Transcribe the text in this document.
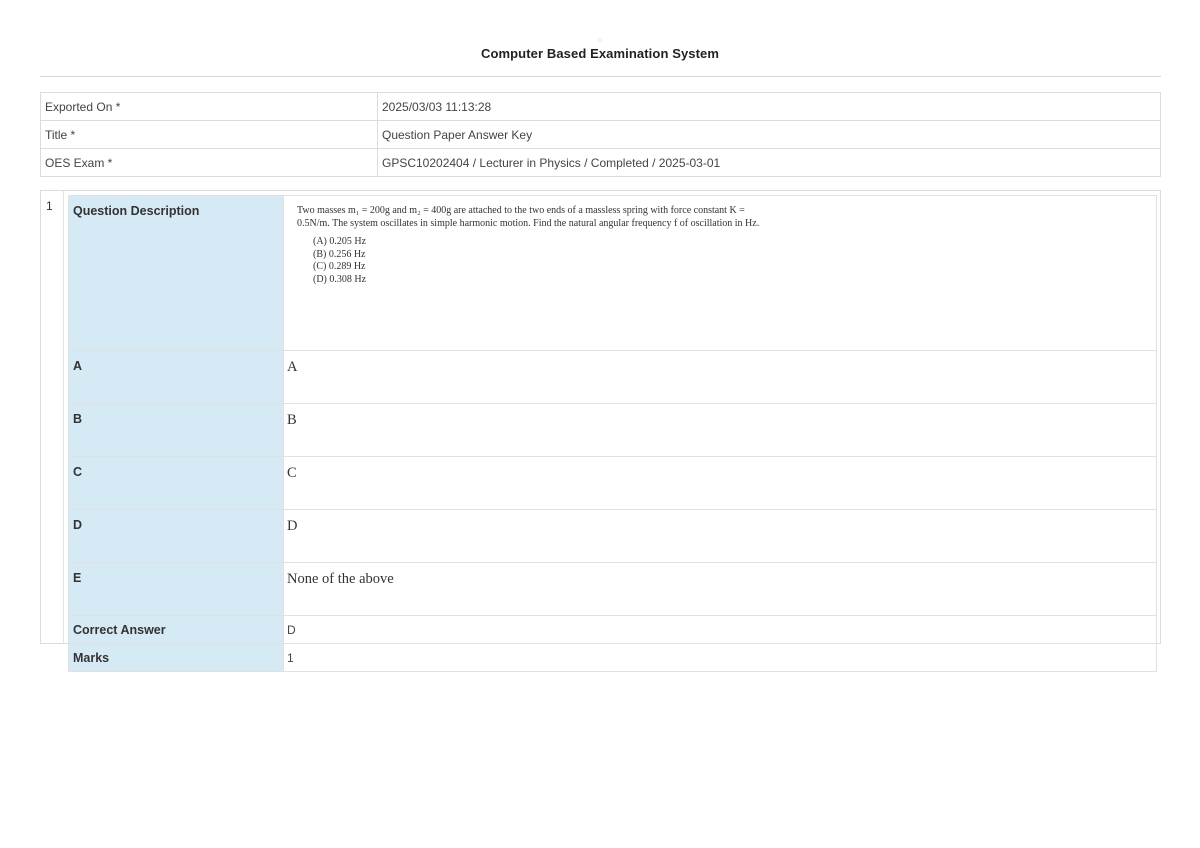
□
Computer Based Examination System
Exported On *	2025/03/03 11:13:28
Title *	Question Paper Answer Key
OES Exam *	GPSC10202404 / Lecturer in Physics / Completed / 2025-03-01
1 Question Description	Two masses m₁ = 200g and m₂ = 400g are attached to the two ends of a massless spring with force constant K = 0.5N/m. The system oscillates in simple harmonic motion. Find the natural angular frequency f of oscillation in Hz.
(A) 0.205 Hz
(B) 0.256 Hz
(C) 0.289 Hz
(D) 0.308 Hz

A	A
B	B
C	C
D	D
E	None of the above
Correct Answer	D
Marks	1
